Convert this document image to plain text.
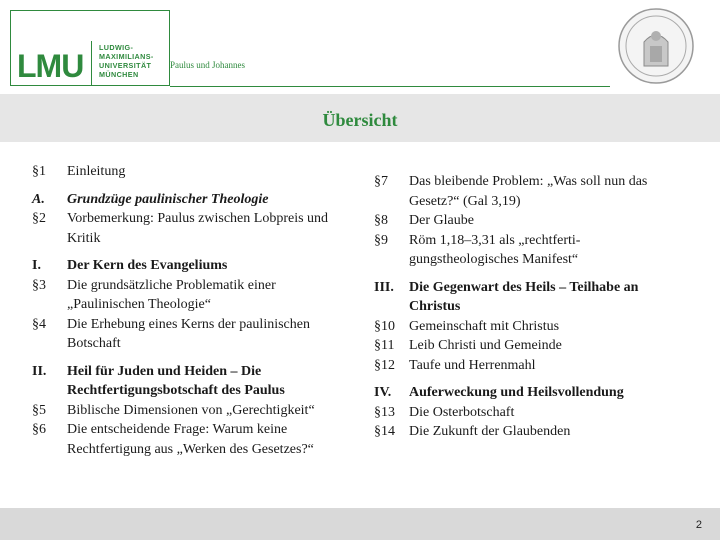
LMU
LUDWIG-
MAXIMILIANS-
UNIVERSITÄT
MÜNCHEN
Paulus und Johannes
Übersicht
§1	Einleitung
A.	Grundzüge paulinischer Theologie
§2	Vorbemerkung: Paulus zwischen Lobpreis und Kritik
I.	Der Kern des Evangeliums
§3	Die grundsätzliche Problematik einer „Paulinischen Theologie“
§4	Die Erhebung eines Kerns der paulinischen Botschaft
II.	Heil für Juden und Heiden – Die Rechtfertigungsbotschaft des Paulus
§5	Biblische Dimensionen von „Gerechtigkeit“
§6	Die entscheidende Frage: Warum keine Rechtfertigung aus „Werken des Gesetzes?“
§7	Das bleibende Problem: „Was soll nun das Gesetz?“ (Gal 3,19)
§8	Der Glaube
§9	Röm 1,18–3,31 als „rechtferti-gungstheologisches Manifest“
III.	Die Gegenwart des Heils – Teilhabe an Christus
§10	Gemeinschaft mit Christus
§11	Leib Christi und Gemeinde
§12	Taufe und Herrenmahl
IV.	Auferweckung und Heilsvollendung
§13	Die Osterbotschaft
§14	Die Zukunft der Glaubenden
2
